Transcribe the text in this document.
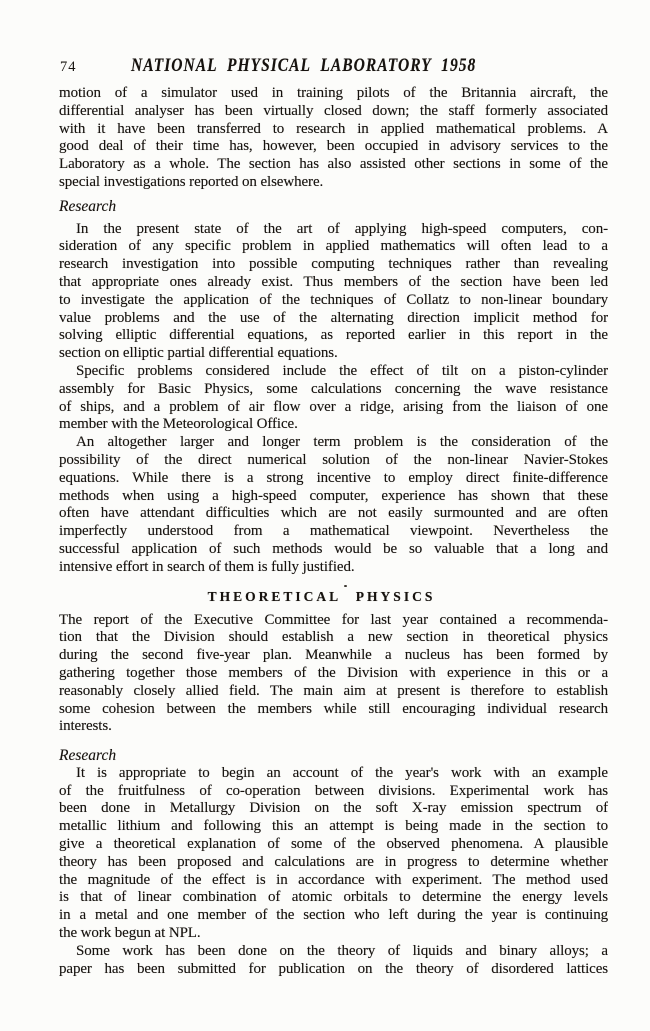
74	NATIONAL PHYSICAL LABORATORY 1958
motion of a simulator used in training pilots of the Britannia aircraft, the
differential analyser has been virtually closed down; the staff formerly associated
with it have been transferred to research in applied mathematical problems. A
good deal of their time has, however, been occupied in advisory services to the
Laboratory as a whole. The section has also assisted other sections in some of the
special investigations reported on elsewhere.
Research
In the present state of the art of applying high-speed computers, con-
sideration of any specific problem in applied mathematics will often lead to a
research investigation into possible computing techniques rather than revealing
that appropriate ones already exist. Thus members of the section have been led
to investigate the application of the techniques of Collatz to non-linear boundary
value problems and the use of the alternating direction implicit method for
solving elliptic differential equations, as reported earlier in this report in the
section on elliptic partial differential equations.
Specific problems considered include the effect of tilt on a piston-cylinder
assembly for Basic Physics, some calculations concerning the wave resistance
of ships, and a problem of air flow over a ridge, arising from the liaison of one
member with the Meteorological Office.
An altogether larger and longer term problem is the consideration of the
possibility of the direct numerical solution of the non-linear Navier-Stokes
equations. While there is a strong incentive to employ direct finite-difference
methods when using a high-speed computer, experience has shown that these
often have attendant difficulties which are not easily surmounted and are often
imperfectly understood from a mathematical viewpoint. Nevertheless the
successful application of such methods would be so valuable that a long and
intensive effort in search of them is fully justified.
THEORETICAL PHYSICS
The report of the Executive Committee for last year contained a recommenda-
tion that the Division should establish a new section in theoretical physics
during the second five-year plan. Meanwhile a nucleus has been formed by
gathering together those members of the Division with experience in this or a
reasonably closely allied field. The main aim at present is therefore to establish
some cohesion between the members while still encouraging individual research
interests.
Research
It is appropriate to begin an account of the year's work with an example
of the fruitfulness of co-operation between divisions. Experimental work has
been done in Metallurgy Division on the soft X-ray emission spectrum of
metallic lithium and following this an attempt is being made in the section to
give a theoretical explanation of some of the observed phenomena. A plausible
theory has been proposed and calculations are in progress to determine whether
the magnitude of the effect is in accordance with experiment. The method used
is that of linear combination of atomic orbitals to determine the energy levels
in a metal and one member of the section who left during the year is continuing
the work begun at NPL.
Some work has been done on the theory of liquids and binary alloys; a
paper has been submitted for publication on the theory of disordered lattices
